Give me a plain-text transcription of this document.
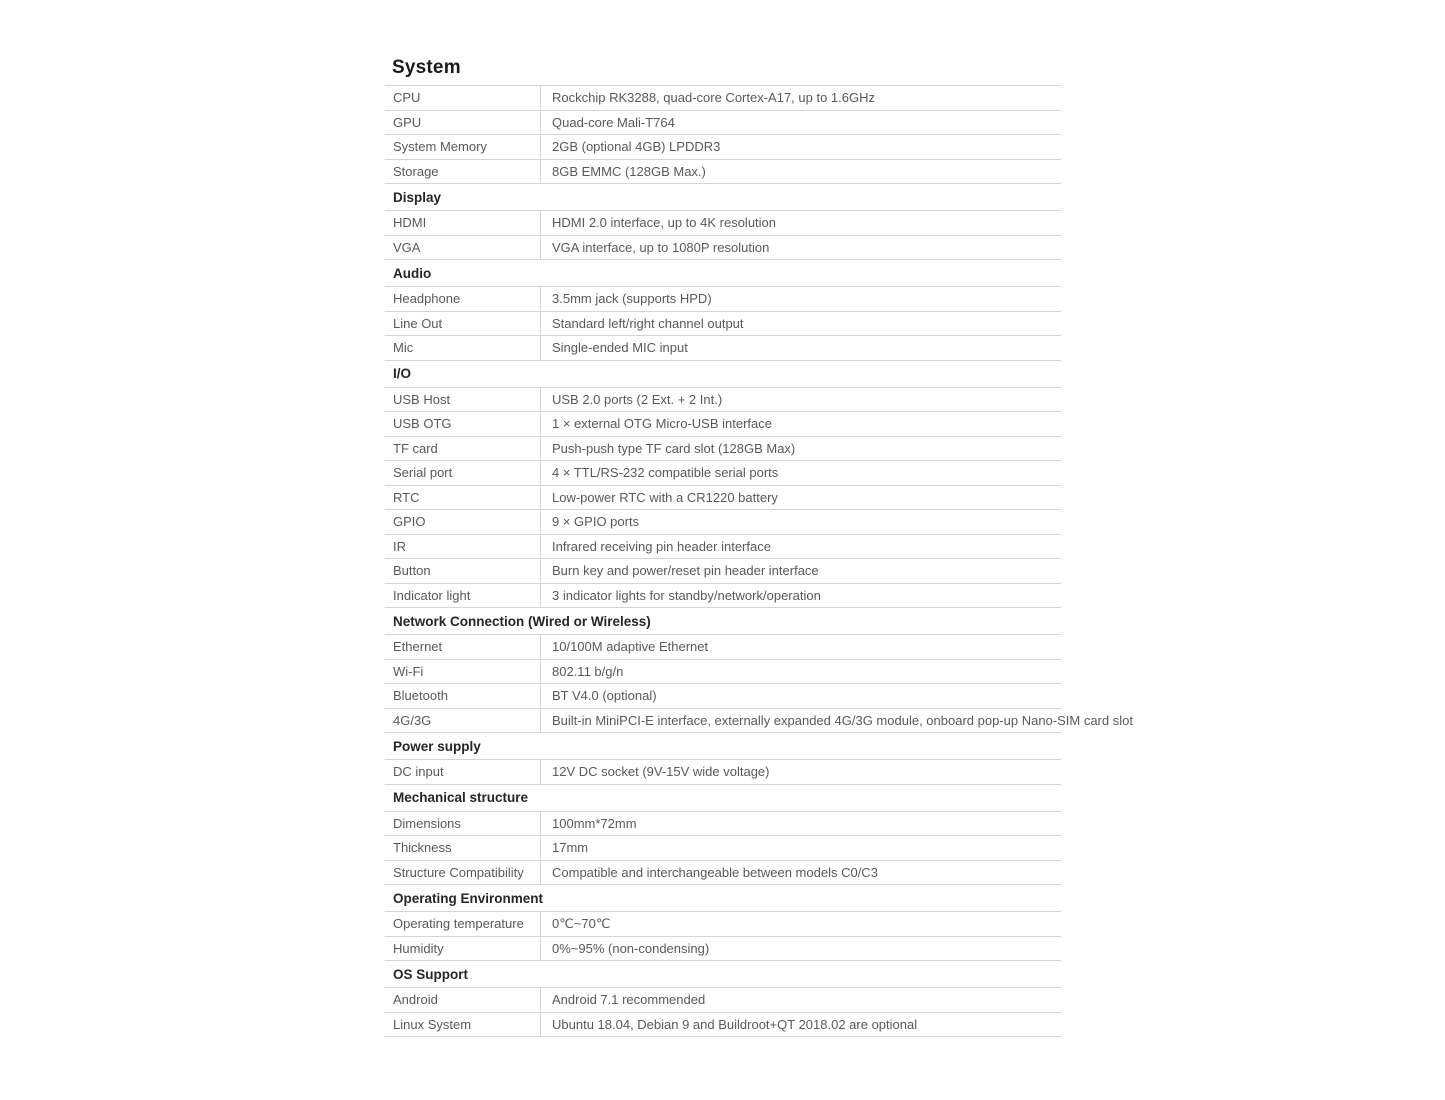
System
CPU	Rockchip RK3288, quad-core Cortex-A17, up to 1.6GHz
GPU	Quad-core Mali-T764
System Memory	2GB (optional 4GB) LPDDR3
Storage	8GB EMMC (128GB Max.)
Display
HDMI	HDMI 2.0 interface, up to 4K resolution
VGA	VGA interface, up to 1080P resolution
Audio
Headphone	3.5mm jack (supports HPD)
Line Out	Standard left/right channel output
Mic	Single-ended MIC input
I/O
USB Host	USB 2.0 ports (2 Ext. + 2 Int.)
USB OTG	1 × external OTG Micro-USB interface
TF card	Push-push type TF card slot (128GB Max)
Serial port	4 × TTL/RS-232 compatible serial ports
RTC	Low-power RTC with a CR1220 battery
GPIO	9 × GPIO ports
IR	Infrared receiving pin header interface
Button	Burn key and power/reset pin header interface
Indicator light	3 indicator lights for standby/network/operation
Network Connection (Wired or Wireless)
Ethernet	10/100M adaptive Ethernet
Wi-Fi	802.11 b/g/n
Bluetooth	BT V4.0 (optional)
4G/3G	Built-in MiniPCI-E interface, externally expanded 4G/3G module, onboard pop-up Nano-SIM card slot
Power supply
DC input	12V DC socket (9V-15V wide voltage)
Mechanical structure
Dimensions	100mm*72mm
Thickness	17mm
Structure Compatibility	Compatible and interchangeable between models C0/C3
Operating Environment
Operating temperature	0℃~70℃
Humidity	0%~95% (non-condensing)
OS Support
Android	Android 7.1 recommended
Linux System	Ubuntu 18.04, Debian 9 and Buildroot+QT 2018.02 are optional
